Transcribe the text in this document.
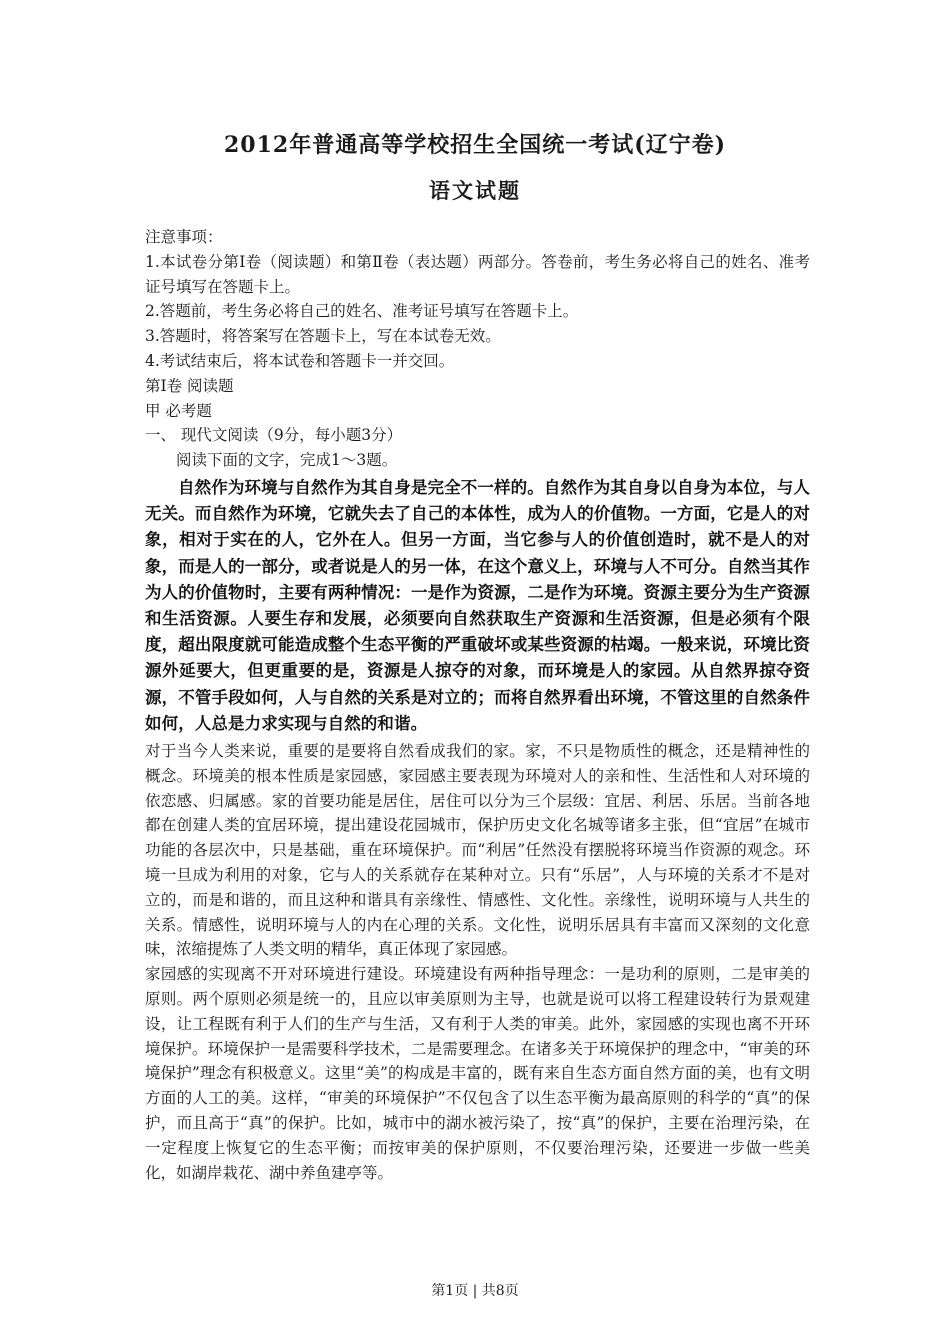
2012年普通高等学校招生全国统一考试(辽宁卷)
语文试题

注意事项：

1.本试卷分第Ⅰ卷（阅读题）和第Ⅱ卷（表达题）两部分。答卷前，考生务必将自己的姓名、准考证号填写在答题卡上。

2.答题前，考生务必将自己的姓名、准考证号填写在答题卡上。

3.答题时，将答案写在答题卡上，写在本试卷无效。

4.考试结束后，将本试卷和答题卡一并交回。

第Ⅰ卷 阅读题

甲 必考题

一、 现代文阅读（9分，每小题3分）

阅读下面的文字，完成1～3题。

自然作为环境与自然作为其自身是完全不一样的。自然作为其自身以自身为本位，与人无关。而自然作为环境，它就失去了自己的本体性，成为人的价值物。一方面，它是人的对象，相对于实在的人，它外在人。但另一方面，当它参与人的价值创造时，就不是人的对象，而是人的一部分，或者说是人的另一体，在这个意义上，环境与人不可分。自然当其作为人的价值物时，主要有两种情况：一是作为资源，二是作为环境。资源主要分为生产资源和生活资源。人要生存和发展，必须要向自然获取生产资源和生活资源，但是必须有个限度，超出限度就可能造成整个生态平衡的严重破坏或某些资源的枯竭。一般来说，环境比资源外延要大，但更重要的是，资源是人掠夺的对象，而环境是人的家园。从自然界掠夺资源，不管手段如何，人与自然的关系是对立的；而将自然界看出环境，不管这里的自然条件如何，人总是力求实现与自然的和谐。

对于当今人类来说，重要的是要将自然看成我们的家。家，不只是物质性的概念，还是精神性的概念。环境美的根本性质是家园感，家园感主要表现为环境对人的亲和性、生活性和人对环境的依恋感、归属感。家的首要功能是居住，居住可以分为三个层级：宜居、利居、乐居。当前各地都在创建人类的宜居环境，提出建设花园城市，保护历史文化名城等诸多主张，但“宜居”在城市功能的各层次中，只是基础，重在环境保护。而“利居”任然没有摆脱将环境当作资源的观念。环境一旦成为利用的对象，它与人的关系就存在某种对立。只有“乐居”，人与环境的关系才不是对立的，而是和谐的，而且这种和谐具有亲缘性、情感性、文化性。亲缘性，说明环境与人共生的关系。情感性，说明环境与人的内在心理的关系。文化性，说明乐居具有丰富而又深刻的文化意味，浓缩提炼了人类文明的精华，真正体现了家园感。

家园感的实现离不开对环境进行建设。环境建设有两种指导理念：一是功利的原则，二是审美的原则。两个原则必须是统一的，且应以审美原则为主导，也就是说可以将工程建设转行为景观建设，让工程既有利于人们的生产与生活，又有利于人类的审美。此外，家园感的实现也离不开环境保护。环境保护一是需要科学技术，二是需要理念。在诸多关于环境保护的理念中，“审美的环境保护”理念有积极意义。这里“美”的构成是丰富的，既有来自生态方面自然方面的美，也有文明方面的人工的美。这样，“审美的环境保护”不仅包含了以生态平衡为最高原则的科学的“真”的保护，而且高于“真”的保护。比如，城市中的湖水被污染了，按“真”的保护，主要在治理污染，在一定程度上恢复它的生态平衡；而按审美的保护原则，不仅要治理污染，还要进一步做一些美化，如湖岸栽花、湖中养鱼建亭等。

第1页 | 共8页
